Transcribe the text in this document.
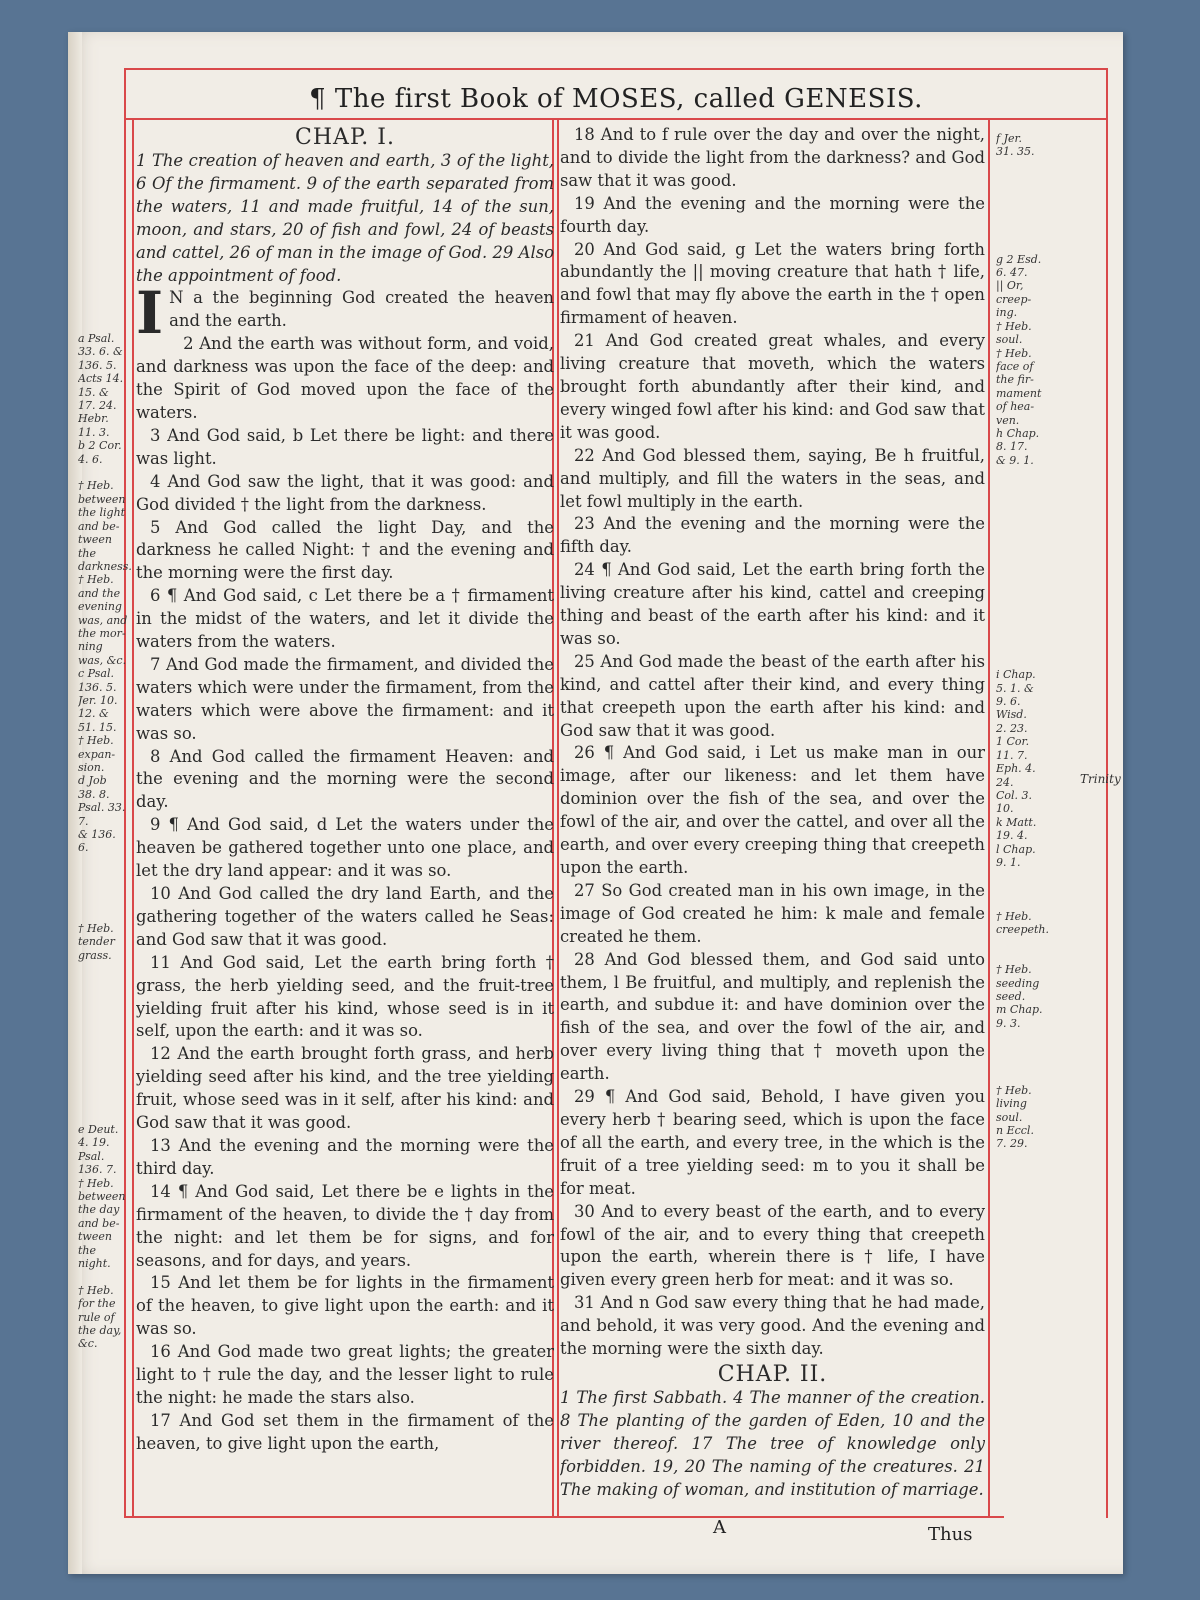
¶ The first Book of MOSES, called GENESIS.
a Psal. 33. 6. &
136. 5.
Acts 14.
15. &
17. 24.
Hebr.
11. 3.
b 2 Cor.
4. 6.

† Heb.
between
the light
and be-
tween the
darkness.
† Heb.
and the
evening
was, and
the mor-
ning
was, &c.
c Psal.
136. 5.
Jer. 10.
12. &
51. 15.
† Heb.
expan-
sion.
d Job
38. 8.
Psal. 33. 7.
& 136.
6.

† Heb.
tender
grass.

e Deut.
4. 19.
Psal.
136. 7.
† Heb.
between
the day
and be-
tween the
night.

† Heb.
for the
rule of
the day,
&c.
CHAP. I.

1 The creation of heaven and earth, 3 of the light, 6 Of the firmament. 9 of the earth separated from the waters, 11 and made fruitful, 14 of the sun, moon, and stars, 20 of fish and fowl, 24 of beasts and cattel, 26 of man in the image of God. 29 Also the appointment of food.

I N a the beginning God created the heaven and the earth.

2 And the earth was without form, and void, and darkness was upon the face of the deep: and the Spirit of God moved upon the face of the waters.

3 And God said, b Let there be light: and there was light.

4 And God saw the light, that it was good: and God divided † the light from the darkness.

5 And God called the light Day, and the darkness he called Night: † and the evening and the morning were the first day.

6 ¶ And God said, c Let there be a † firmament in the midst of the waters, and let it divide the waters from the waters.

7 And God made the firmament, and divided the waters which were under the firmament, from the waters which were above the firmament: and it was so.

8 And God called the firmament Heaven: and the evening and the morning were the second day.

9 ¶ And God said, d Let the waters under the heaven be gathered together unto one place, and let the dry land appear: and it was so.

10 And God called the dry land Earth, and the gathering together of the waters called he Seas: and God saw that it was good.

11 And God said, Let the earth bring forth † grass, the herb yielding seed, and the fruit-tree yielding fruit after his kind, whose seed is in it self, upon the earth: and it was so.

12 And the earth brought forth grass, and herb yielding seed after his kind, and the tree yielding fruit, whose seed was in it self, after his kind: and God saw that it was good.

13 And the evening and the morning were the third day.

14 ¶ And God said, Let there be e lights in the firmament of the heaven, to divide the † day from the night: and let them be for signs, and for seasons, and for days, and years.

15 And let them be for lights in the firmament of the heaven, to give light upon the earth: and it was so.

16 And God made two great lights; the greater light to † rule the day, and the lesser light to rule the night: he made the stars also.

17 And God set them in the firmament of the heaven, to give light upon the earth,

18 And to f rule over the day and over the night, and to divide the light from the darkness? and God saw that it was good.

19 And the evening and the morning were the fourth day.

20 And God said, g Let the waters bring forth abundantly the || moving creature that hath † life, and fowl that may fly above the earth in the † open firmament of heaven.

21 And God created great whales, and every living creature that moveth, which the waters brought forth abundantly after their kind, and every winged fowl after his kind: and God saw that it was good.

22 And God blessed them, saying, Be h fruitful, and multiply, and fill the waters in the seas, and let fowl multiply in the earth.

23 And the evening and the morning were the fifth day.

24 ¶ And God said, Let the earth bring forth the living creature after his kind, cattel and creeping thing and beast of the earth after his kind: and it was so.

25 And God made the beast of the earth after his kind, and cattel after their kind, and every thing that creepeth upon the earth after his kind: and God saw that it was good.

26 ¶ And God said, i Let us make man in our image, after our likeness: and let them have dominion over the fish of the sea, and over the fowl of the air, and over the cattel, and over all the earth, and over every creeping thing that creepeth upon the earth.

27 So God created man in his own image, in the image of God created he him: k male and female created he them.

28 And God blessed them, and God said unto them, l Be fruitful, and multiply, and replenish the earth, and subdue it: and have dominion over the fish of the sea, and over the fowl of the air, and over every living thing that † moveth upon the earth.

29 ¶ And God said, Behold, I have given you every herb † bearing seed, which is upon the face of all the earth, and every tree, in the which is the fruit of a tree yielding seed: m to you it shall be for meat.

30 And to every beast of the earth, and to every fowl of the air, and to every thing that creepeth upon the earth, wherein there is † life, I have given every green herb for meat: and it was so.

31 And n God saw every thing that he had made, and behold, it was very good. And the evening and the morning were the sixth day.

CHAP. II.

1 The first Sabbath. 4 The manner of the creation. 8 The planting of the garden of Eden, 10 and the river thereof. 17 The tree of knowledge only forbidden. 19, 20 The naming of the creatures. 21 The making of woman, and institution of marriage.

f Jer.
31. 35.

g 2 Esd.
6. 47.
|| Or,
creep-
ing.
† Heb.
soul.
† Heb.
face of
the fir-
mament
of hea-
ven.
h Chap.
8. 17.
& 9. 1.

i Chap.
5. 1. &
9. 6.
Wisd.
2. 23.
1 Cor.
11. 7.
Eph. 4.
24.
Col. 3.
10.
k Matt.
19. 4.
l Chap.
9. 1.

† Heb.
creepeth.

† Heb.
seeding
seed.
m Chap.
9. 3.

† Heb.
living
soul.
n Eccl.
7. 29.
Trinity
A	Thus
